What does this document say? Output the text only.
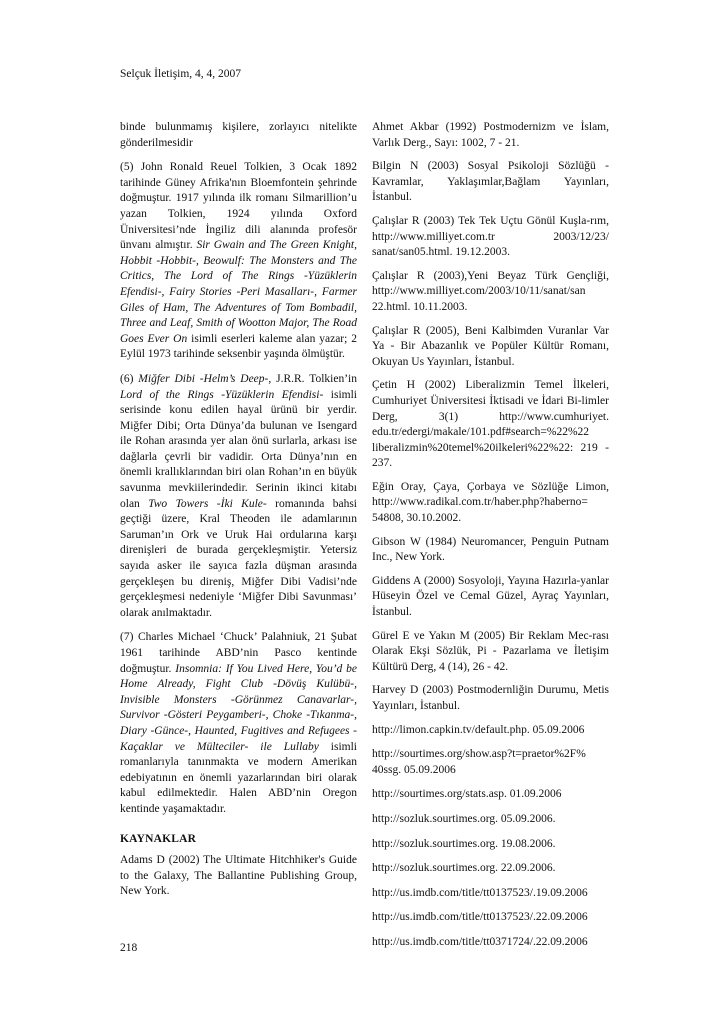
Selçuk İletişim, 4, 4, 2007

binde bulunmamış kişilere, zorlayıcı nitelikte gönderilmesidir

(5) John Ronald Reuel Tolkien, 3 Ocak 1892 tarihinde Güney Afrika'nın Bloemfontein şehrinde doğmuştur. 1917 yılında ilk romanı Silmarillion’u yazan Tolkien, 1924 yılında Oxford Üniversitesi’nde İngiliz dili alanında profesör ünvanı almıştır. Sir Gwain and The Green Knight, Hobbit -Hobbit-, Beowulf: The Monsters and The Critics, The Lord of The Rings -Yüzüklerin Efendisi-, Fairy Stories -Peri Masalları-, Farmer Giles of Ham, The Adventures of Tom Bombadil, Three and Leaf, Smith of Wootton Major, The Road Goes Ever On isimli eserleri kaleme alan yazar; 2 Eylül 1973 tarihinde seksenbir yaşında ölmüştür.

(6) Miğfer Dibi -Helm’s Deep-, J.R.R. Tolkien’in Lord of the Rings -Yüzüklerin Efendisi- isimli serisinde konu edilen hayal ürünü bir yerdir. Miğfer Dibi; Orta Dünya’da bulunan ve Isengard ile Rohan arasında yer alan önü surlarla, arkası ise dağlarla çevrli bir vadidir. Orta Dünya’nın en önemli krallıklarından biri olan Rohan’ın en büyük savunma mevkiilerindedir. Serinin ikinci kitabı olan Two Towers -İki Kule- romanında bahsi geçtiği üzere, Kral Theoden ile adamlarının Saruman’ın Ork ve Uruk Hai ordularına karşı direnişleri de burada gerçekleşmiştir. Yetersiz sayıda asker ile sayıca fazla düşman arasında gerçekleşen bu direniş, Miğfer Dibi Vadisi’nde gerçekleşmesi nedeniyle ‘Miğfer Dibi Savunması’ olarak anılmaktadır.

(7) Charles Michael ‘Chuck’ Palahniuk, 21 Şubat 1961 tarihinde ABD’nin Pasco kentinde doğmuştur. Insomnia: If You Lived Here, You’d be Home Already, Fight Club -Dövüş Kulübü-, Invisible Monsters -Görünmez Canavarlar-, Survivor -Gösteri Peygamberi-, Choke -Tıkanma-, Diary -Günce-, Haunted, Fugitives and Refugees -Kaçaklar ve Mülteciler- ile Lullaby isimli romanlarıyla tanınmakta ve modern Amerikan edebiyatının en önemli yazarlarından biri olarak kabul edilmektedir. Halen ABD’nin Oregon kentinde yaşamaktadır.

KAYNAKLAR

Adams D (2002) The Ultimate Hitchhiker's Guide to the Galaxy, The Ballantine Publishing Group, New York.

Ahmet Akbar (1992) Postmodernizm ve İslam, Varlık Derg., Sayı: 1002, 7 - 21.

Bilgin N (2003) Sosyal Psikoloji Sözlüğü - Kavramlar, Yaklaşımlar,Bağlam Yayınları, İstanbul.

Çalışlar R (2003) Tek Tek Uçtu Gönül Kuşla-rım, http://www.milliyet.com.tr 2003/12/23/ sanat/san05.html. 19.12.2003.

Çalışlar R (2003),Yeni Beyaz Türk Gençliği, http://www.milliyet.com/2003/10/11/sanat/san 22.html. 10.11.2003.

Çalışlar R (2005), Beni Kalbimden Vuranlar Var Ya - Bir Abazanlık ve Popüler Kültür Romanı, Okuyan Us Yayınları, İstanbul.

Çetin H (2002) Liberalizmin Temel İlkeleri, Cumhuriyet Üniversitesi İktisadi ve İdari Bi-limler Derg, 3(1) http://www.cumhuriyet. edu.tr/edergi/makale/101.pdf#search=%22%22 liberalizmin%20temel%20ilkeleri%22%22: 219 - 237.

Eğin Oray, Çaya, Çorbaya ve Sözlüğe Limon, http://www.radikal.com.tr/haber.php?haberno= 54808, 30.10.2002.

Gibson W (1984) Neuromancer, Penguin Putnam Inc., New York.

Giddens A (2000) Sosyoloji, Yayına Hazırla-yanlar Hüseyin Özel ve Cemal Güzel, Ayraç Yayınları, İstanbul.

Gürel E ve Yakın M (2005) Bir Reklam Mec-rası Olarak Ekşi Sözlük, Pi - Pazarlama ve İletişim Kültürü Derg, 4 (14), 26 - 42.

Harvey D (2003) Postmodernliğin Durumu, Metis Yayınları, İstanbul.

http://limon.capkin.tv/default.php. 05.09.2006

http://sourtimes.org/show.asp?t=praetor%2F% 40ssg. 05.09.2006

http://sourtimes.org/stats.asp. 01.09.2006

http://sozluk.sourtimes.org. 05.09.2006.

http://sozluk.sourtimes.org. 19.08.2006.

http://sozluk.sourtimes.org. 22.09.2006.

http://us.imdb.com/title/tt0137523/.19.09.2006

http://us.imdb.com/title/tt0137523/.22.09.2006

http://us.imdb.com/title/tt0371724/.22.09.2006

218
